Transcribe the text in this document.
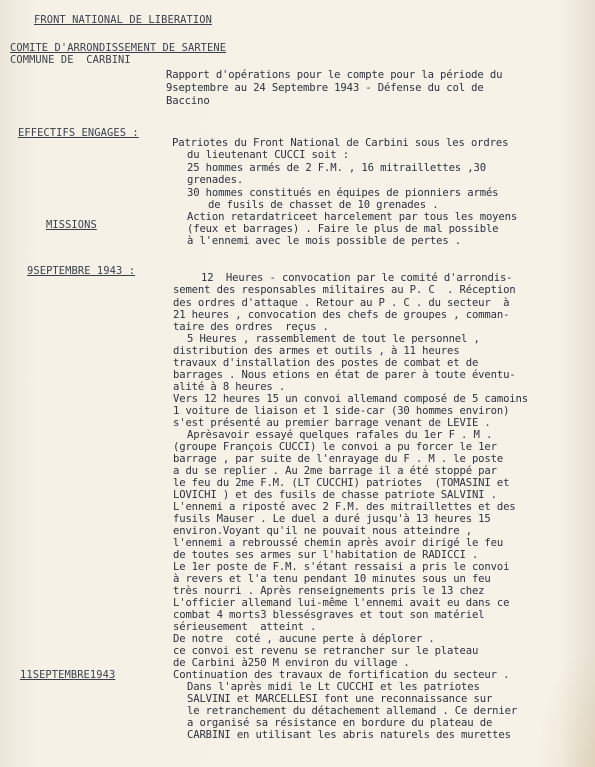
FRONT NATIONAL DE LIBERATION
COMITE D'ARRONDISSEMENT DE SARTENE
COMMUNE DE  CARBINI
Rapport d'opérations pour le compte pour la période du
9septembre au 24 Septembre 1943 - Défense du col de
Baccino
EFFECTIFS ENGAGES :
MISSIONS
9SEPTEMBRE 1943 :
11SEPTEMBRE1943
Patriotes du Front National de Carbini sous les ordres
du lieutenant CUCCI soit :
25 hommes armés de 2 F.M. , 16 mitraillettes ,30
grenades.
30 hommes constitués en équipes de pionniers armés
de fusils de chasset de 10 grenades .
Action retardatriceet harcelement par tous les moyens
(feux et barrages) . Faire le plus de mal possible
à l'ennemi avec le mois possible de pertes .
12  Heures - convocation par le comité d'arrondis-
sement des responsables militaires au P. C  . Réception
des ordres d'attaque . Retour au P . C . du secteur  à
21 heures , convocation des chefs de groupes , comman-
taire des ordres  reçus .
5 Heures , rassemblement de tout le personnel ,
distribution des armes et outils , à 11 heures
travaux d'installation des postes de combat et de
barrages . Nous etions en état de parer à toute éventu-
alité à 8 heures .
Vers 12 heures 15 un convoi allemand composé de 5 camoins
1 voiture de liaison et 1 side-car (30 hommes environ)
s'est présenté au premier barrage venant de LEVIE .
Aprèsavoir essayé quelques rafales du 1er F . M .
(groupe François CUCCI) le convoi a pu forcer le 1er
barrage , par suite de l'enrayage du F . M . le poste
a du se replier . Au 2me barrage il a été stoppé par
le feu du 2me F.M. (LT CUCCHI) patriotes  (TOMASINI et
LOVICHI ) et des fusils de chasse patriote SALVINI .
L'ennemi a riposté avec 2 F.M. des mitraillettes et des
fusils Mauser . Le duel a duré jusqu'à 13 heures 15
environ.Voyant qu'il ne pouvait nous atteindre ,
l'ennemi a rebroussé chemin après avoir dirigé le feu
de toutes ses armes sur l'habitation de RADICCI .
Le 1er poste de F.M. s'étant ressaisi a pris le convoi
à revers et l'a tenu pendant 10 minutes sous un feu
très nourri . Après renseignements pris le 13 chez
L'officier allemand lui-même l'ennemi avait eu dans ce
combat 4 morts3 blessésgraves et tout son matériel
sérieusement  atteint .
De notre  coté , aucune perte à déplorer .
ce convoi est revenu se retrancher sur le plateau
de Carbini à250 M environ du village .
Continuation des travaux de fortification du secteur .
Dans l'après midi le Lt CUCCHI et les patriotes
SALVINI et MARCELLESI font une reconnaissance sur
le retranchement du détachement allemand . Ce dernier
a organisé sa résistance en bordure du plateau de
CARBINI en utilisant les abris naturels des murettes
